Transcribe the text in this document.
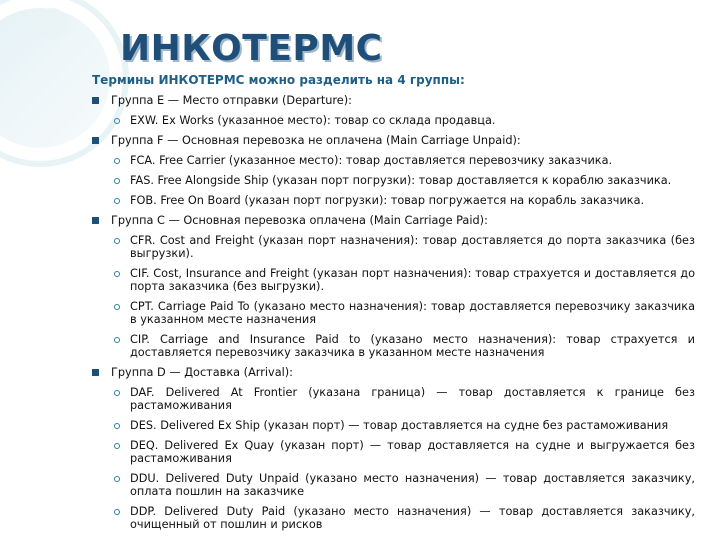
ИНКОТЕРМС
Термины ИНКОТЕРМС можно разделить на 4 группы:
Группа E — Место отправки (Departure):
EXW. Ex Works (указанное место): товар со склада продавца.
Группа F — Основная перевозка не оплачена (Main Carriage Unpaid):
FCA. Free Carrier (указанное место): товар доставляется перевозчику заказчика.
FAS. Free Alongside Ship (указан порт погрузки): товар доставляется к кораблю заказчика.
FOB. Free On Board (указан порт погрузки): товар погружается на корабль заказчика.
Группа C — Основная перевозка оплачена (Main Carriage Paid):
CFR. Cost and Freight (указан порт назначения): товар доставляется до порта заказчика (без выгрузки).
CIF. Cost, Insurance and Freight (указан порт назначения): товар страхуется и доставляется до порта заказчика (без выгрузки).
CPT. Carriage Paid To (указано место назначения): товар доставляется перевозчику заказчика в указанном месте назначения
CIP. Carriage and Insurance Paid to (указано место назначения): товар страхуется и доставляется перевозчику заказчика в указанном месте назначения
Группа D — Доставка (Arrival):
DAF. Delivered At Frontier (указана граница) — товар доставляется к границе без растаможивания
DES. Delivered Ex Ship (указан порт) — товар доставляется на судне без растаможивания
DEQ. Delivered Ex Quay (указан порт) — товар доставляется на судне и выгружается без растаможивания
DDU. Delivered Duty Unpaid (указано место назначения) — товар доставляется заказчику, оплата пошлин на заказчике
DDP. Delivered Duty Paid (указано место назначения) — товар доставляется заказчику, очищенный от пошлин и рисков
